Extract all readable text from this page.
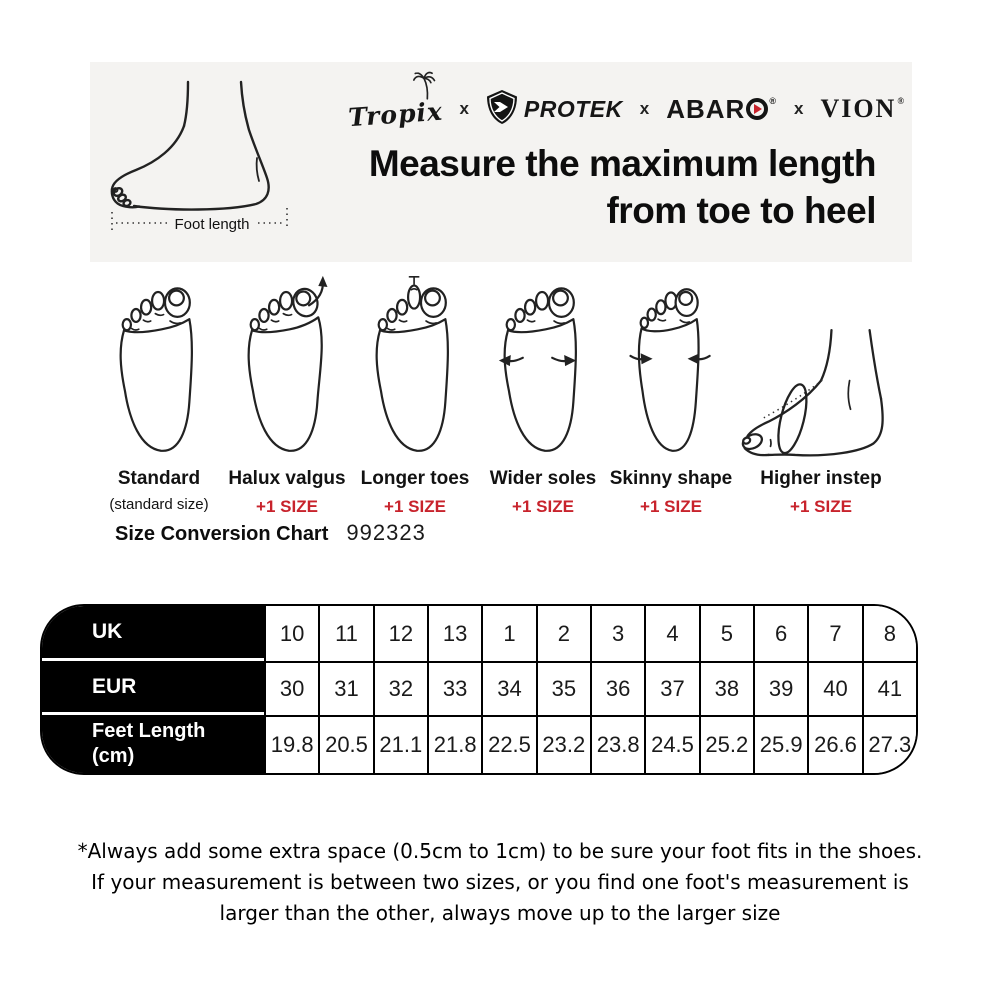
Foot length
Tropix x PROTEK x ABAR	® x VION ®
Measure the maximum length
from toe to heel
Standard
(standard size)
Halux valgus
+1 SIZE
Longer toes
+1 SIZE
Wider soles
+1 SIZE
Skinny shape
+1 SIZE
Higher instep
+1 SIZE
Size Conversion Chart 992323
UK	10	11	12	13	1	2	3	4	5	6	7	8
EUR	30	31	32	33	34	35	36	37	38	39	40	41
Feet Length
(cm)	19.8 20.5 21.1 21.8 22.5 23.2 23.8 24.5 25.2 25.9 26.6 27.3
*Always add some extra space (0.5cm to 1cm) to be sure your foot fits in the shoes.
If your measurement is between two sizes, or you find one foot's measurement is
larger than the other, always move up to the larger size
